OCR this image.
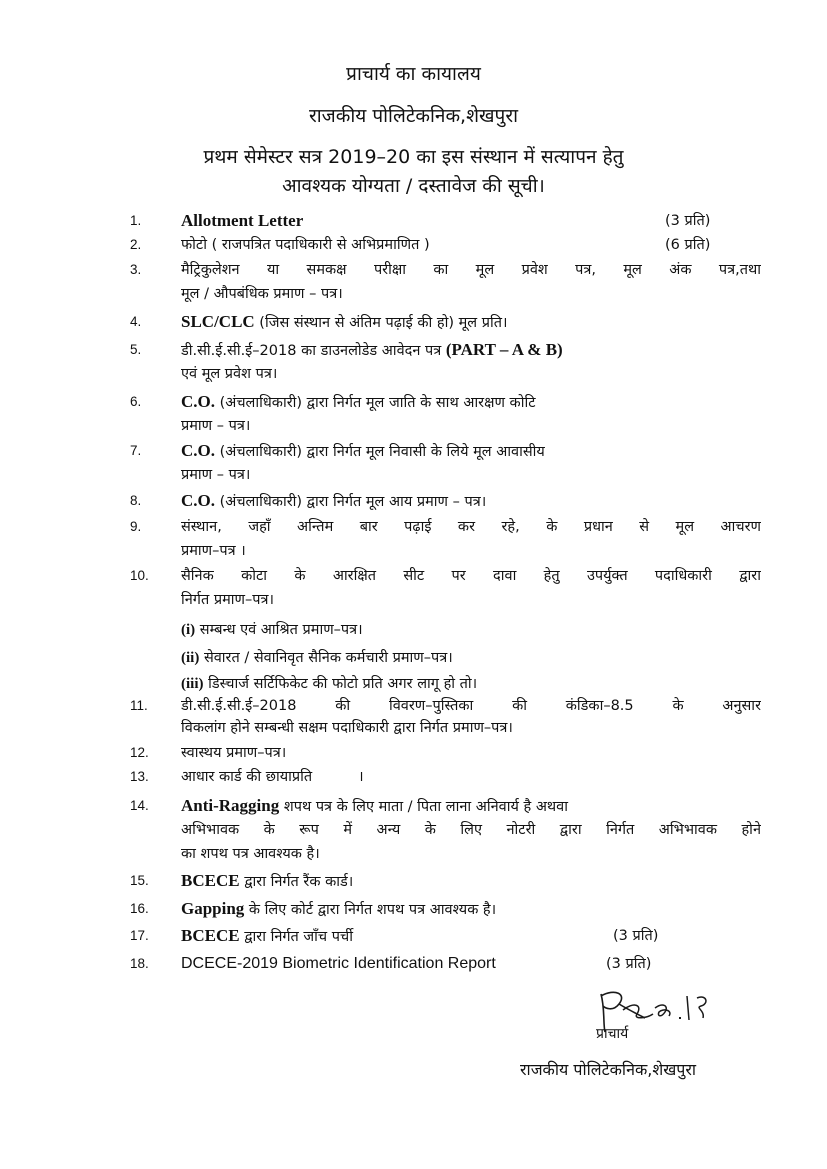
प्राचार्य का कायालय
राजकीय पोलिटेकनिक,शेखपुरा
प्रथम सेमेस्टर सत्र 2019–20 का इस संस्थान में सत्यापन हेतु
आवश्यक योग्यता / दस्तावेज की सूची।
1. Allotment Letter	(3 प्रति)
2.	फोटो ( राजपत्रित पदाधिकारी से अभिप्रमाणित )	(6 प्रति)
3.	मैट्रिकुलेशन या समकक्ष परीक्षा का मूल प्रवेश पत्र, मूल अंक पत्र,तथा
मूल / औपबंधिक प्रमाण – पत्र।
4. SLC/CLC (जिस संस्थान से अंतिम पढ़ाई की हो) मूल प्रति।
5.	डी.सी.ई.सी.ई–2018 का डाउनलोडेड आवेदन पत्र (PART – A & B)
एवं मूल प्रवेश पत्र।
6. C.O. (अंचलाधिकारी) द्वारा निर्गत मूल जाति के साथ आरक्षण कोटि
प्रमाण – पत्र।
7. C.O. (अंचलाधिकारी) द्वारा निर्गत मूल निवासी के लिये मूल आवासीय
प्रमाण – पत्र।
8. C.O. (अंचलाधिकारी) द्वारा निर्गत मूल आय प्रमाण – पत्र।
9.	संस्थान, जहाँ अन्तिम बार पढ़ाई कर रहे, के प्रधान से मूल आचरण
प्रमाण–पत्र ।
10. सैनिक कोटा के आरक्षित सीट पर दावा हेतु उपर्युक्त पदाधिकारी द्वारा
निर्गत प्रमाण–पत्र।
(i) सम्बन्ध एवं आश्रित प्रमाण–पत्र।
(ii) सेवारत / सेवानिवृत सैनिक कर्मचारी प्रमाण–पत्र।
(iii) डिस्चार्ज सर्टिफिकेट की फोटो प्रति अगर लागू हो तो।
11. डी.सी.ई.सी.ई–2018 की विवरण–पुस्तिका की कंडिका–8.5 के अनुसार
विकलांग होने सम्बन्धी सक्षम पदाधिकारी द्वारा निर्गत प्रमाण–पत्र।
12. स्वास्थय प्रमाण–पत्र।
13. आधार कार्ड की छायाप्रति	।
14. Anti-Ragging शपथ पत्र के लिए माता / पिता लाना अनिवार्य है अथवा
अभिभावक के रूप में अन्य के लिए नोटरी द्वारा निर्गत अभिभावक होने
का शपथ पत्र आवश्यक है।
15. BCECE द्वारा निर्गत रैंक कार्ड।
16. Gapping के लिए कोर्ट द्वारा निर्गत शपथ पत्र आवश्यक है।
17. BCECE द्वारा निर्गत जाँच पर्ची	(3 प्रति)
18. DCECE-2019 Biometric Identification Report	(3 प्रति)
प्राचार्य
राजकीय पोलिटेकनिक,शेखपुरा
